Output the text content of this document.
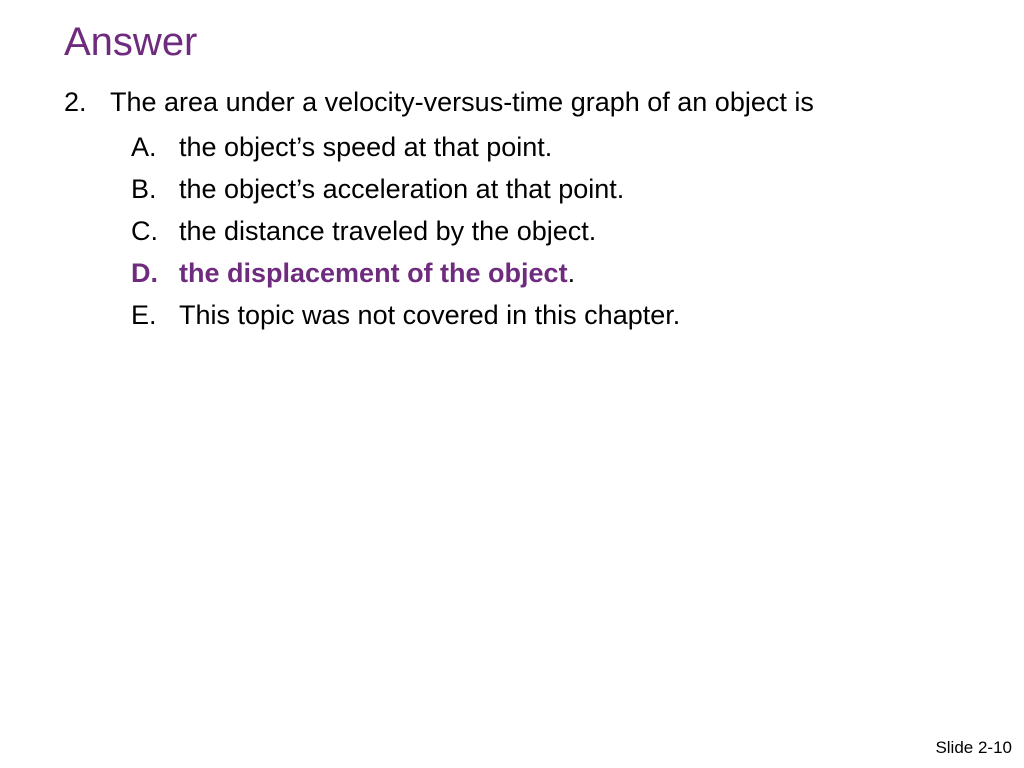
Answer
2. The area under a velocity-versus-time graph of an object is
A. the object’s speed at that point.
B. the object’s acceleration at that point.
C. the distance traveled by the object.
D. the displacement of the object.
E. This topic was not covered in this chapter.
Slide 2-10
